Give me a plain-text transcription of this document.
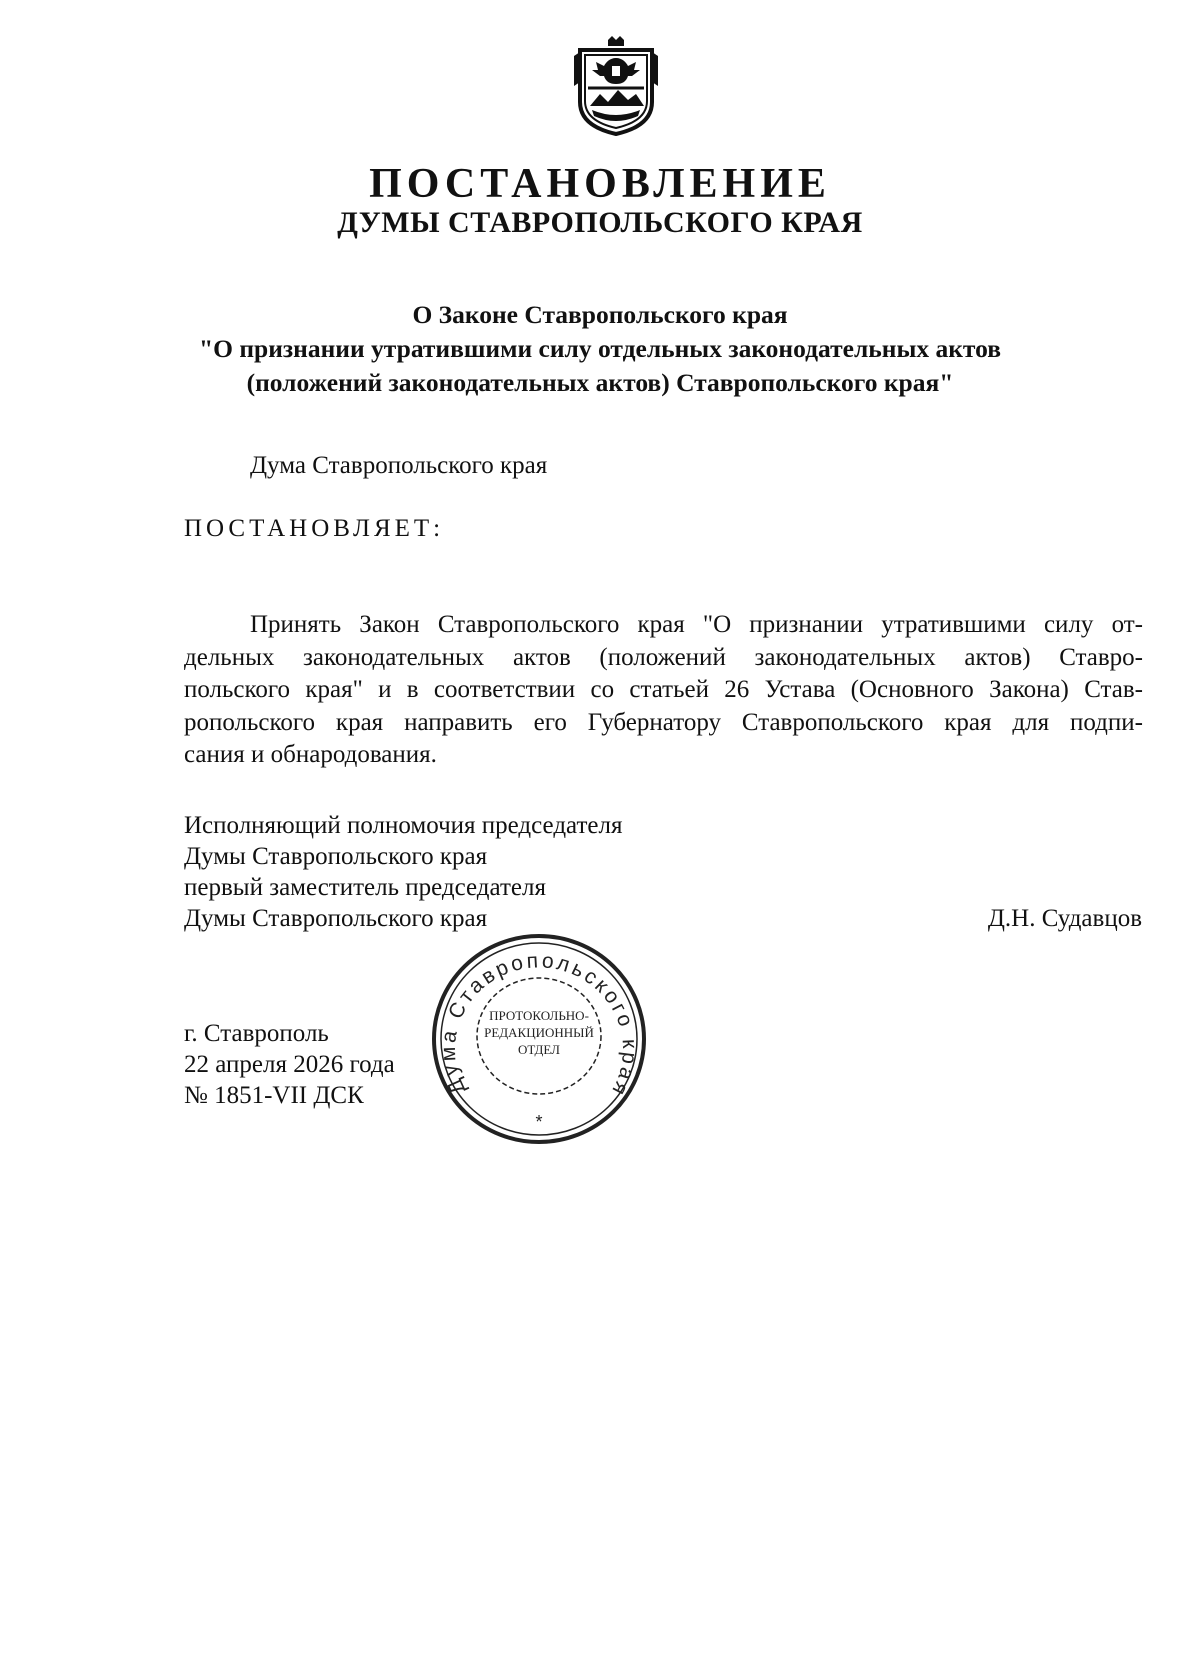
ПОСТАНОВЛЕНИЕ
ДУМЫ СТАВРОПОЛЬСКОГО КРАЯ
О Законе Ставропольского края
"О признании утратившими силу отдельных законодательных актов
(положений законодательных актов) Ставропольского края"
Дума Ставропольского края
ПОСТАНОВЛЯЕТ:
Принять Закон Ставропольского края "О признании утратившими силу от-
дельных законодательных актов (положений законодательных актов) Ставро-
польского края" и в соответствии со статьей 26 Устава (Основного Закона) Став-
ропольского края направить его Губернатору Ставропольского края для подпи-
сания и обнародования.
Исполняющий полномочия председателя
Думы Ставропольского края
первый заместитель председателя
Думы Ставропольского края	Д.Н. Судавцов
г. Ставрополь
22 апреля 2026 года
№ 1851-VII ДСК	Дума Ставропольского края
ПРОТОКОЛЬНО-
РЕДАКЦИОННЫЙ
ОТДЕЛ
*
